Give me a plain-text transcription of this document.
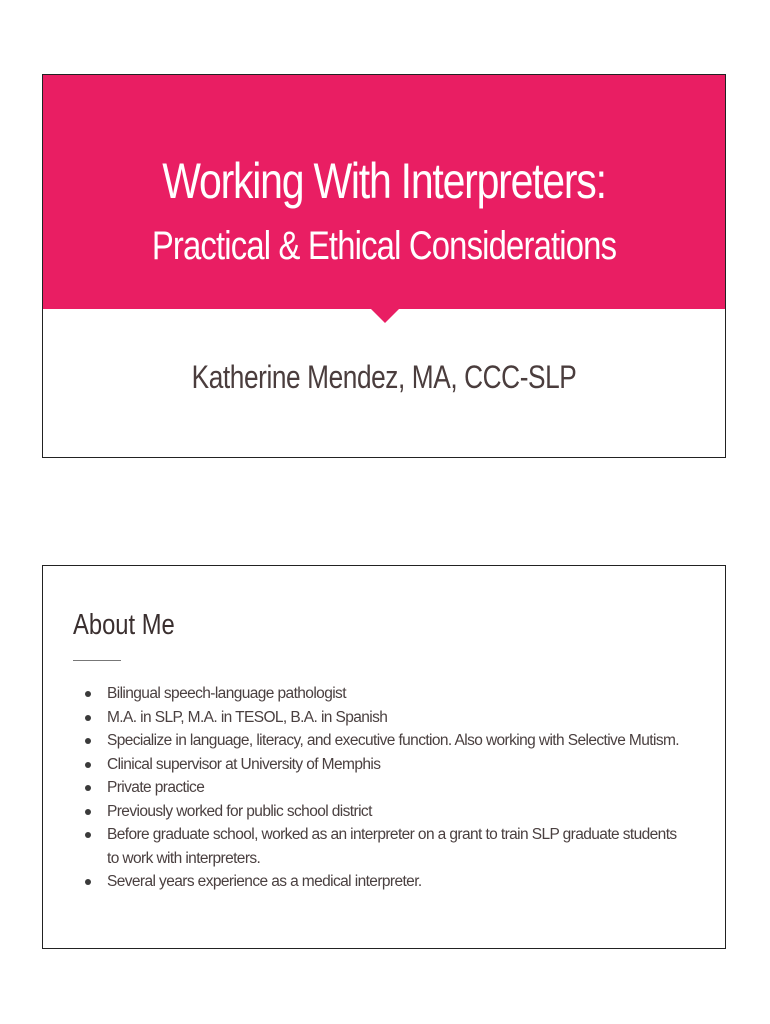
Working With Interpreters:
Practical & Ethical Considerations
Katherine Mendez, MA, CCC-SLP
About Me
Bilingual speech-language pathologist
M.A. in SLP, M.A. in TESOL, B.A. in Spanish
Specialize in language, literacy, and executive function. Also working with Selective Mutism.
Clinical supervisor at University of Memphis
Private practice
Previously worked for public school district
Before graduate school, worked as an interpreter on a grant to train SLP graduate students to work with interpreters.
Several years experience as a medical interpreter.
